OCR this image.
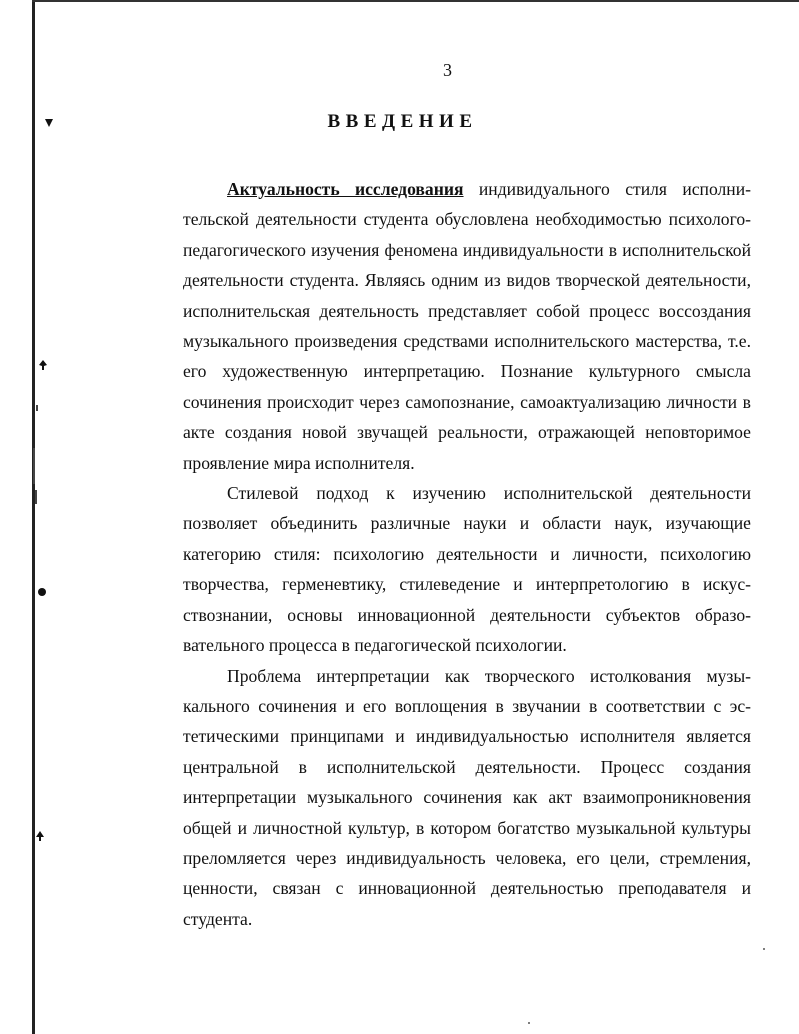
3
ВВЕДЕНИЕ

Актуальность исследования индивидуального стиля исполнительской деятельности студента обусловлена необходимостью психолого-педагогического изучения феномена индивидуальности в исполнительской деятельности студента. Являясь одним из видов творческой деятельности, исполнительская деятельность представляет собой процесс воссоздания музыкального произведения средствами исполнительского мастерства, т.е. его художественную интерпретацию. Познание культурного смысла сочинения происходит через самопознание, самоактуализацию личности в акте создания новой звучащей реальности, отражающей неповторимое проявление мира исполнителя.

Стилевой подход к изучению исполнительской деятельности позволяет объединить различные науки и области наук, изучающие категорию стиля: психологию деятельности и личности, психологию творчества, герменевтику, стилеведение и интерпретологию в искусствознании, основы инновационной деятельности субъектов образовательного процесса в педагогической психологии.

Проблема интерпретации как творческого истолкования музыкального сочинения и его воплощения в звучании в соответствии с эстетическими принципами и индивидуальностью исполнителя является центральной в исполнительской деятельности. Процесс создания интерпретации музыкального сочинения как акт взаимопроникновения общей и личностной культур, в котором богатство музыкальной культуры преломляется через индивидуальность человека, его цели, стремления, ценности, связан с инновационной деятельностью преподавателя и студента.
